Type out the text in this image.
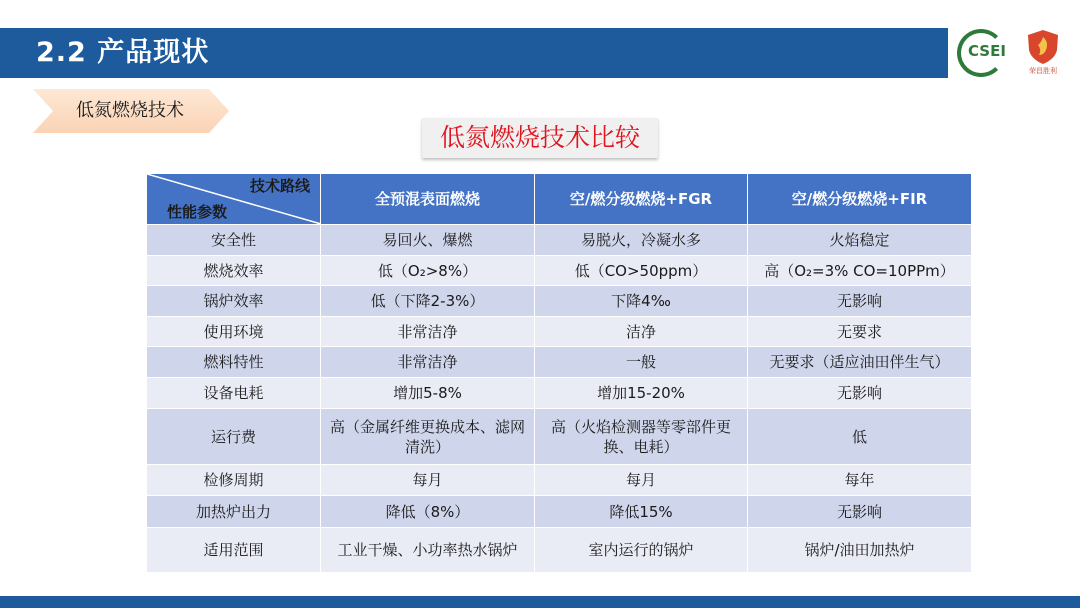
2.2 产品现状	CSEI
荣昌胜利
低氮燃烧技术
低氮燃烧技术比较
技术路线
性能参数	全预混表面燃烧	空/燃分级燃烧+FGR	空/燃分级燃烧+FIR
安全性	易回火、爆燃	易脱火，冷凝水多	火焰稳定
燃烧效率	低（O₂>8%）	低（CO>50ppm）	高（O₂=3% CO=10PPm）
锅炉效率	低（下降2-3%）	下降4‰	无影响
使用环境	非常洁净	洁净	无要求
燃料特性	非常洁净	一般	无要求（适应油田伴生气）
设备电耗	增加5-8%	增加15-20%	无影响
运行费	高（金属纤维更换成本、滤网清洗）	高（火焰检测器等零部件更换、电耗）	低
检修周期	每月	每月	每年
加热炉出力	降低（8%）	降低15%	无影响
适用范围	工业干燥、小功率热水锅炉	室内运行的锅炉	锅炉/油田加热炉
